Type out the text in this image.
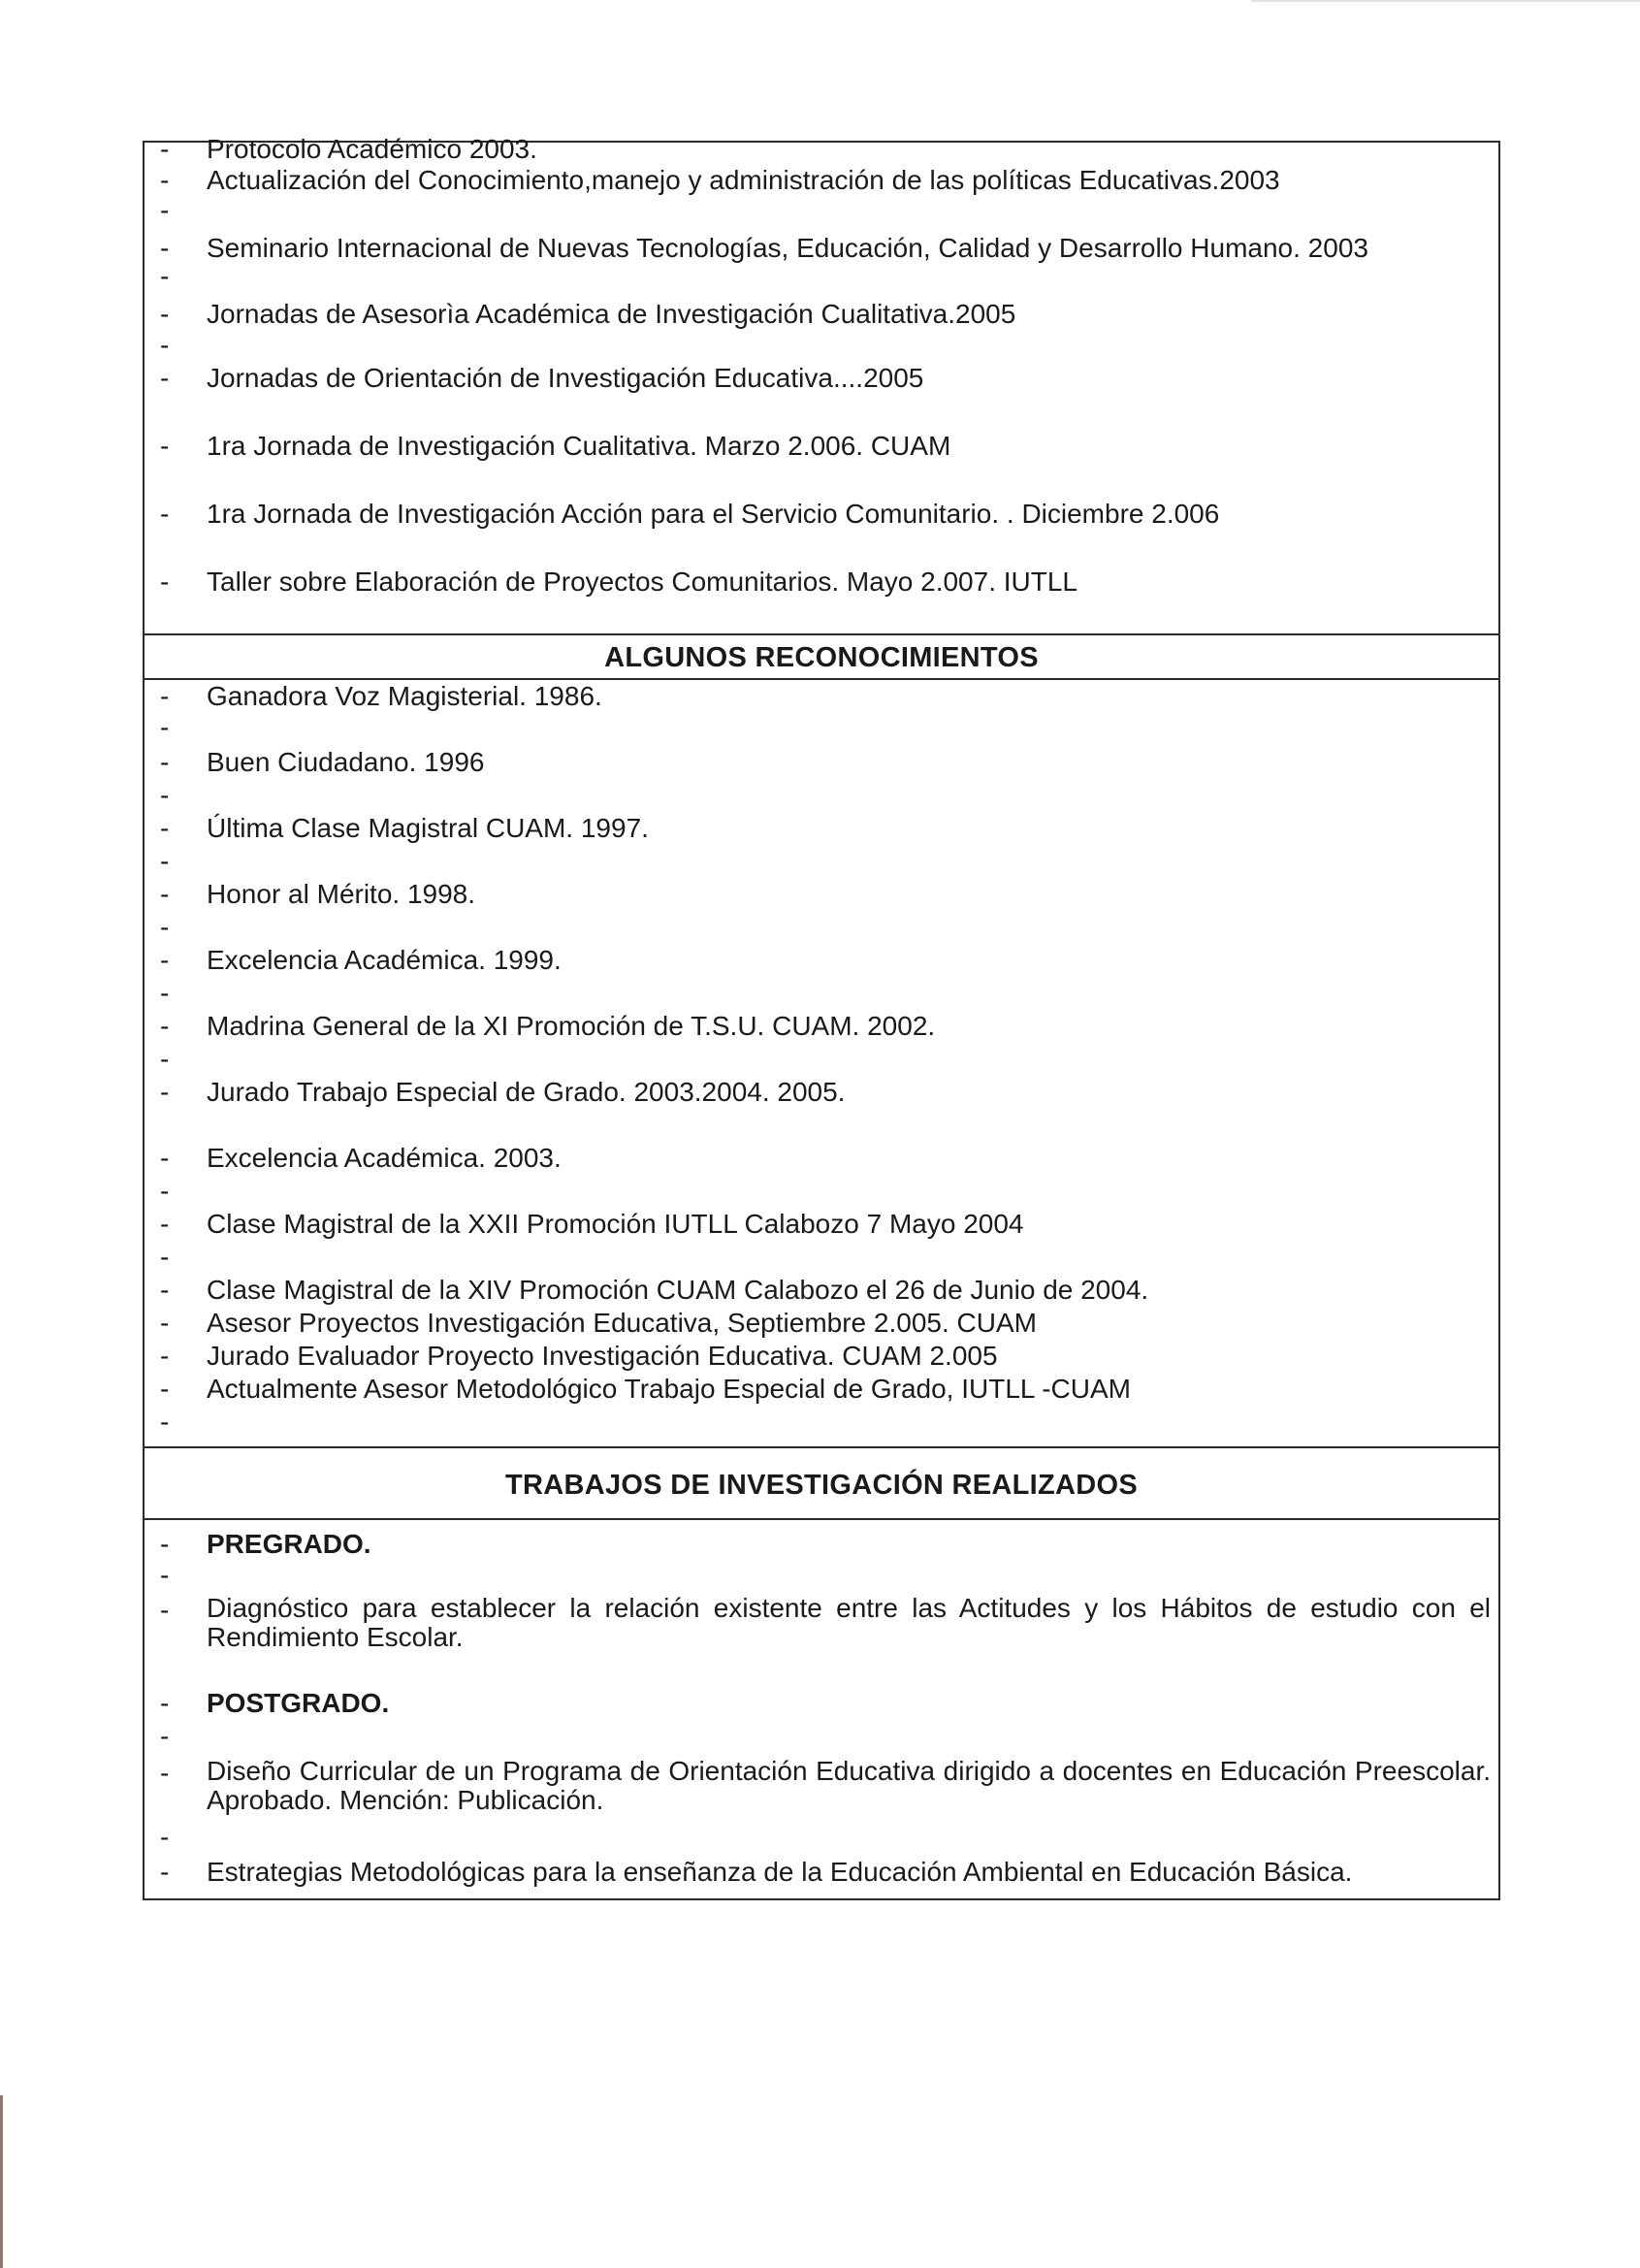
- Protocolo Académico 2003.
- Actualización del Conocimiento,manejo y administración de las políticas Educativas.2003
-
- Seminario Internacional de Nuevas Tecnologías, Educación, Calidad y Desarrollo Humano. 2003
-
- Jornadas de Asesorìa Académica de Investigación Cualitativa.2005
-
- Jornadas de Orientación de Investigación Educativa....2005
- 1ra Jornada de Investigación Cualitativa. Marzo 2.006. CUAM
- 1ra Jornada de Investigación Acción para el Servicio Comunitario. . Diciembre 2.006
- Taller sobre Elaboración de Proyectos Comunitarios. Mayo 2.007. IUTLL
ALGUNOS RECONOCIMIENTOS
- Ganadora Voz Magisterial. 1986.
-
- Buen Ciudadano. 1996
-
- Última Clase Magistral CUAM. 1997.
-
- Honor al Mérito. 1998.
-
- Excelencia Académica. 1999.
-
- Madrina General de la XI Promoción de T.S.U. CUAM. 2002.
-
- Jurado Trabajo Especial de Grado. 2003.2004. 2005.
- Excelencia Académica. 2003.
-
- Clase Magistral de la XXII Promoción IUTLL Calabozo 7 Mayo 2004
-
- Clase Magistral de la XIV Promoción CUAM Calabozo el 26 de Junio de 2004.
- Asesor Proyectos Investigación Educativa, Septiembre 2.005. CUAM
- Jurado Evaluador Proyecto Investigación Educativa. CUAM 2.005
- Actualmente Asesor Metodológico Trabajo Especial de Grado, IUTLL -CUAM
-
TRABAJOS DE INVESTIGACIÓN REALIZADOS
- PREGRADO.
-
- Diagnóstico para establecer la relación existente entre las Actitudes y los Hábitos de estudio con el Rendimiento Escolar.
- POSTGRADO.
-
- Diseño Curricular de un Programa de Orientación Educativa dirigido a docentes en Educación Preescolar. Aprobado. Mención: Publicación.
-
- Estrategias Metodológicas para la enseñanza de la Educación Ambiental en Educación Básica.
